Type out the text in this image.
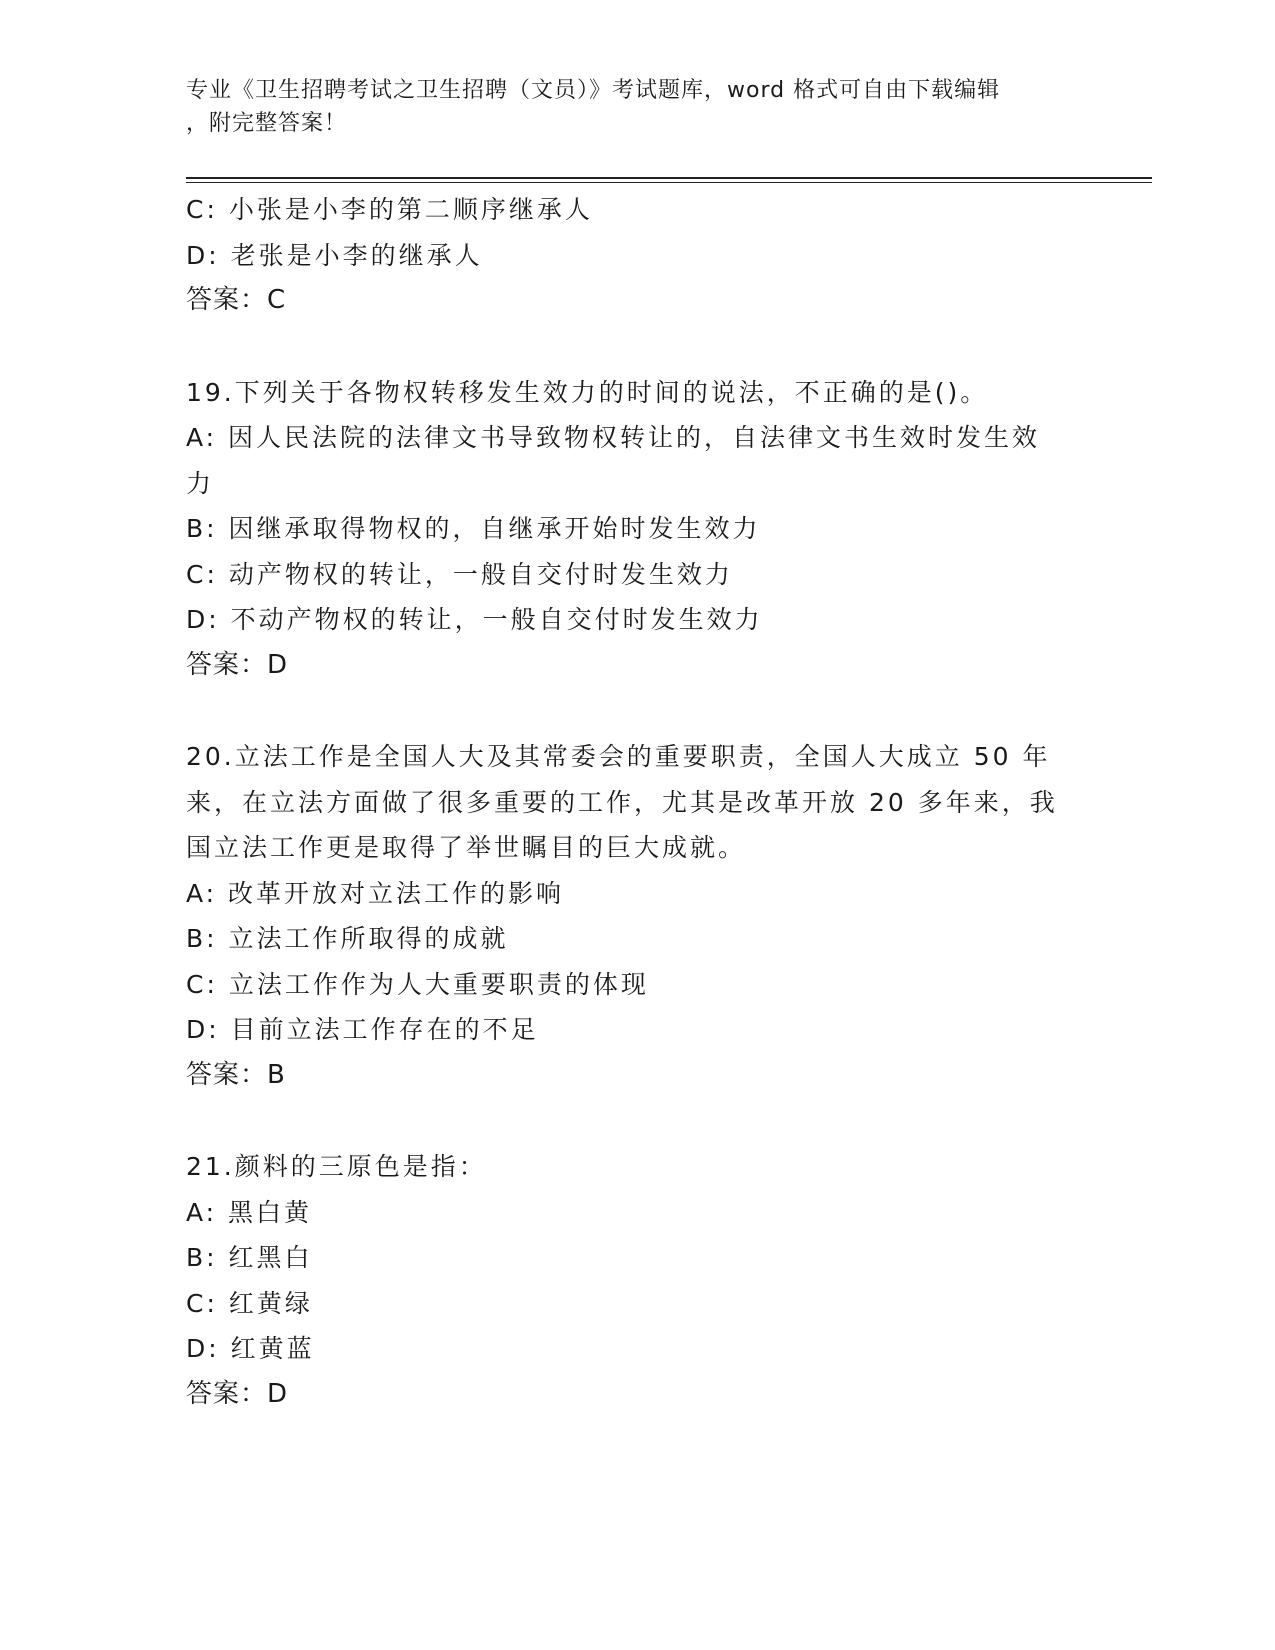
专业《卫生招聘考试之卫生招聘（文员）》考试题库，word 格式可自由下载编辑
，附完整答案！
C: 小张是小李的第二顺序继承人
D: 老张是小李的继承人
答案：C
19.下列关于各物权转移发生效力的时间的说法，不正确的是()。
A: 因人民法院的法律文书导致物权转让的，自法律文书生效时发生效
力
B: 因继承取得物权的，自继承开始时发生效力
C: 动产物权的转让，一般自交付时发生效力
D: 不动产物权的转让，一般自交付时发生效力
答案：D
20.立法工作是全国人大及其常委会的重要职责，全国人大成立 50 年
来，在立法方面做了很多重要的工作，尤其是改革开放 20 多年来，我
国立法工作更是取得了举世瞩目的巨大成就。
A: 改革开放对立法工作的影响
B: 立法工作所取得的成就
C: 立法工作作为人大重要职责的体现
D: 目前立法工作存在的不足
答案：B
21.颜料的三原色是指：
A: 黑白黄
B: 红黑白
C: 红黄绿
D: 红黄蓝
答案：D
